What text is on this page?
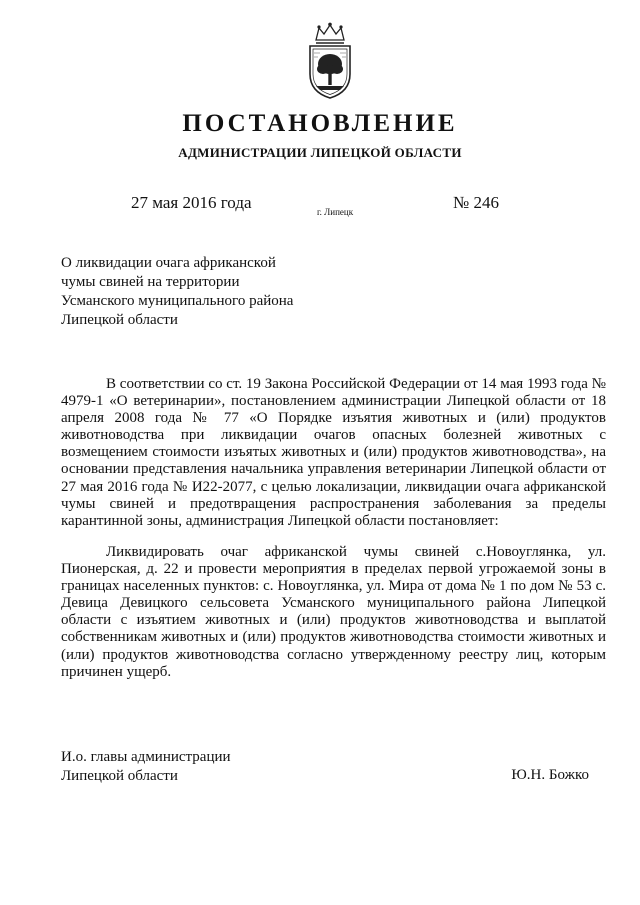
ПОСТАНОВЛЕНИЕ
АДМИНИСТРАЦИИ ЛИПЕЦКОЙ ОБЛАСТИ
27 мая 2016 года	г. Липецк	№ 246
О ликвидации очага африканской
чумы свиней на территории
Усманского муниципального района
Липецкой области

В соответствии со ст. 19 Закона Российской Федерации от 14 мая 1993 года № 4979-1 «О ветеринарии», постановлением администрации Липецкой области от 18 апреля 2008 года № 77 «О Порядке изъятия животных и (или) продуктов животноводства при ликвидации очагов опасных болезней животных с возмещением стоимости изъятых животных и (или) продуктов животноводства», на основании представления начальника управления ветеринарии Липецкой области от 27 мая 2016 года № И22-2077, с целью локализации, ликвидации очага африканской чумы свиней и предотвращения распространения заболевания за пределы карантинной зоны, администрация Липецкой области постановляет:

Ликвидировать очаг африканской чумы свиней с.Новоуглянка, ул. Пионерская, д. 22 и провести мероприятия в пределах первой угрожаемой зоны в границах населенных пунктов: с. Новоуглянка, ул. Мира от дома № 1 по дом № 53 с. Девица Девицкого сельсовета Усманского муниципального района Липецкой области с изъятием животных и (или) продуктов животноводства и выплатой собственникам животных и (или) продуктов животноводства стоимости животных и (или) продуктов животноводства согласно утвержденному реестру лиц, которым причинен ущерб.

И.о. главы администрации
Липецкой области	Ю.Н. Божко
